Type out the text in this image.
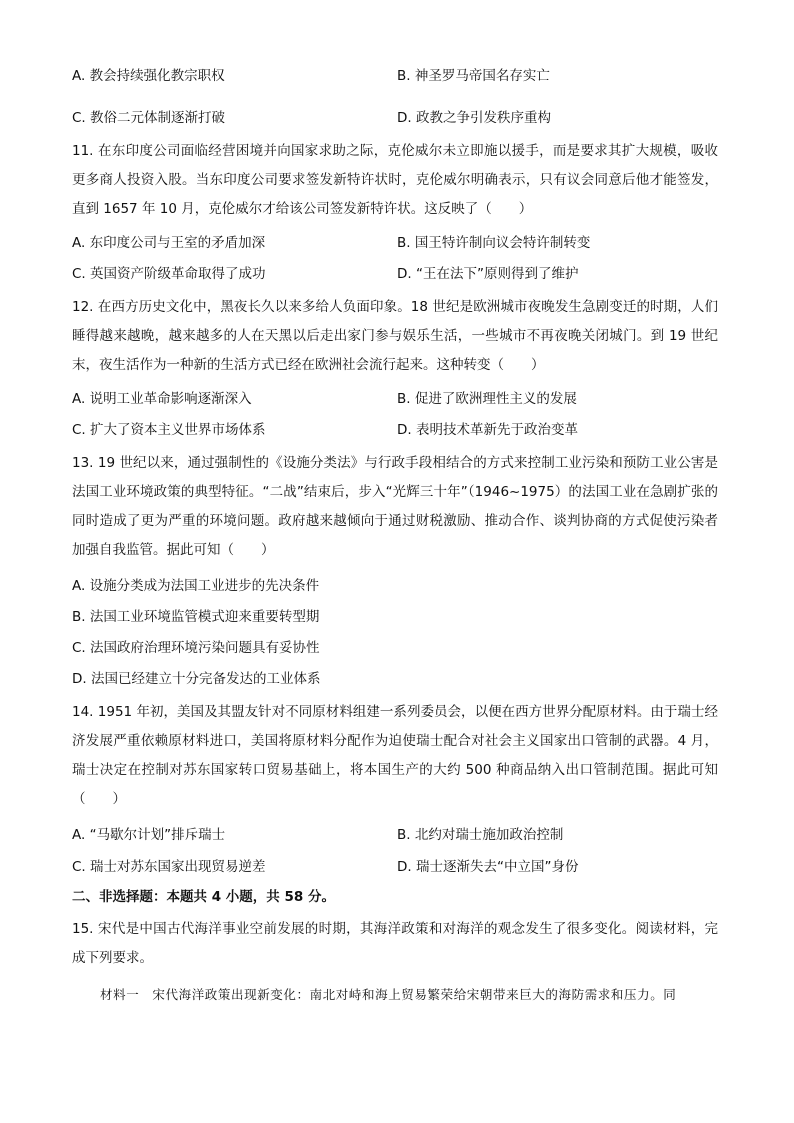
A. 教会持续强化教宗职权	B. 神圣罗马帝国名存实亡
C. 教俗二元体制逐渐打破	D. 政教之争引发秩序重构
11. 在东印度公司面临经营困境并向国家求助之际，克伦威尔未立即施以援手，而是要求其扩大规模，吸收更多商人投资入股。当东印度公司要求签发新特许状时，克伦威尔明确表示，只有议会同意后他才能签发，直到 1657 年 10 月，克伦威尔才给该公司签发新特许状。这反映了（　　）
A. 东印度公司与王室的矛盾加深	B. 国王特许制向议会特许制转变
C. 英国资产阶级革命取得了成功	D. “王在法下”原则得到了维护
12. 在西方历史文化中，黑夜长久以来多给人负面印象。18 世纪是欧洲城市夜晚发生急剧变迁的时期，人们睡得越来越晚，越来越多的人在天黑以后走出家门参与娱乐生活，一些城市不再夜晚关闭城门。到 19 世纪末，夜生活作为一种新的生活方式已经在欧洲社会流行起来。这种转变（　　）
A. 说明工业革命影响逐渐深入	B. 促进了欧洲理性主义的发展
C. 扩大了资本主义世界市场体系	D. 表明技术革新先于政治变革
13. 19 世纪以来，通过强制性的《设施分类法》与行政手段相结合的方式来控制工业污染和预防工业公害是法国工业环境政策的典型特征。“二战”结束后，步入“光辉三十年”（1946~1975）的法国工业在急剧扩张的同时造成了更为严重的环境问题。政府越来越倾向于通过财税激励、推动合作、谈判协商的方式促使污染者加强自我监管。据此可知（　　）
A. 设施分类成为法国工业进步的先决条件
B. 法国工业环境监管模式迎来重要转型期
C. 法国政府治理环境污染问题具有妥协性
D. 法国已经建立十分完备发达的工业体系
14. 1951 年初，美国及其盟友针对不同原材料组建一系列委员会，以便在西方世界分配原材料。由于瑞士经济发展严重依赖原材料进口，美国将原材料分配作为迫使瑞士配合对社会主义国家出口管制的武器。4 月，瑞士决定在控制对苏东国家转口贸易基础上，将本国生产的大约 500 种商品纳入出口管制范围。据此可知（　　）
A. “马歇尔计划”排斥瑞士	B. 北约对瑞士施加政治控制
C. 瑞士对苏东国家出现贸易逆差	D. 瑞士逐渐失去“中立国”身份
二、非选择题：本题共 4 小题，共 58 分。
15. 宋代是中国古代海洋事业空前发展的时期，其海洋政策和对海洋的观念发生了很多变化。阅读材料，完成下列要求。
材料一　宋代海洋政策出现新变化：南北对峙和海上贸易繁荣给宋朝带来巨大的海防需求和压力。同
